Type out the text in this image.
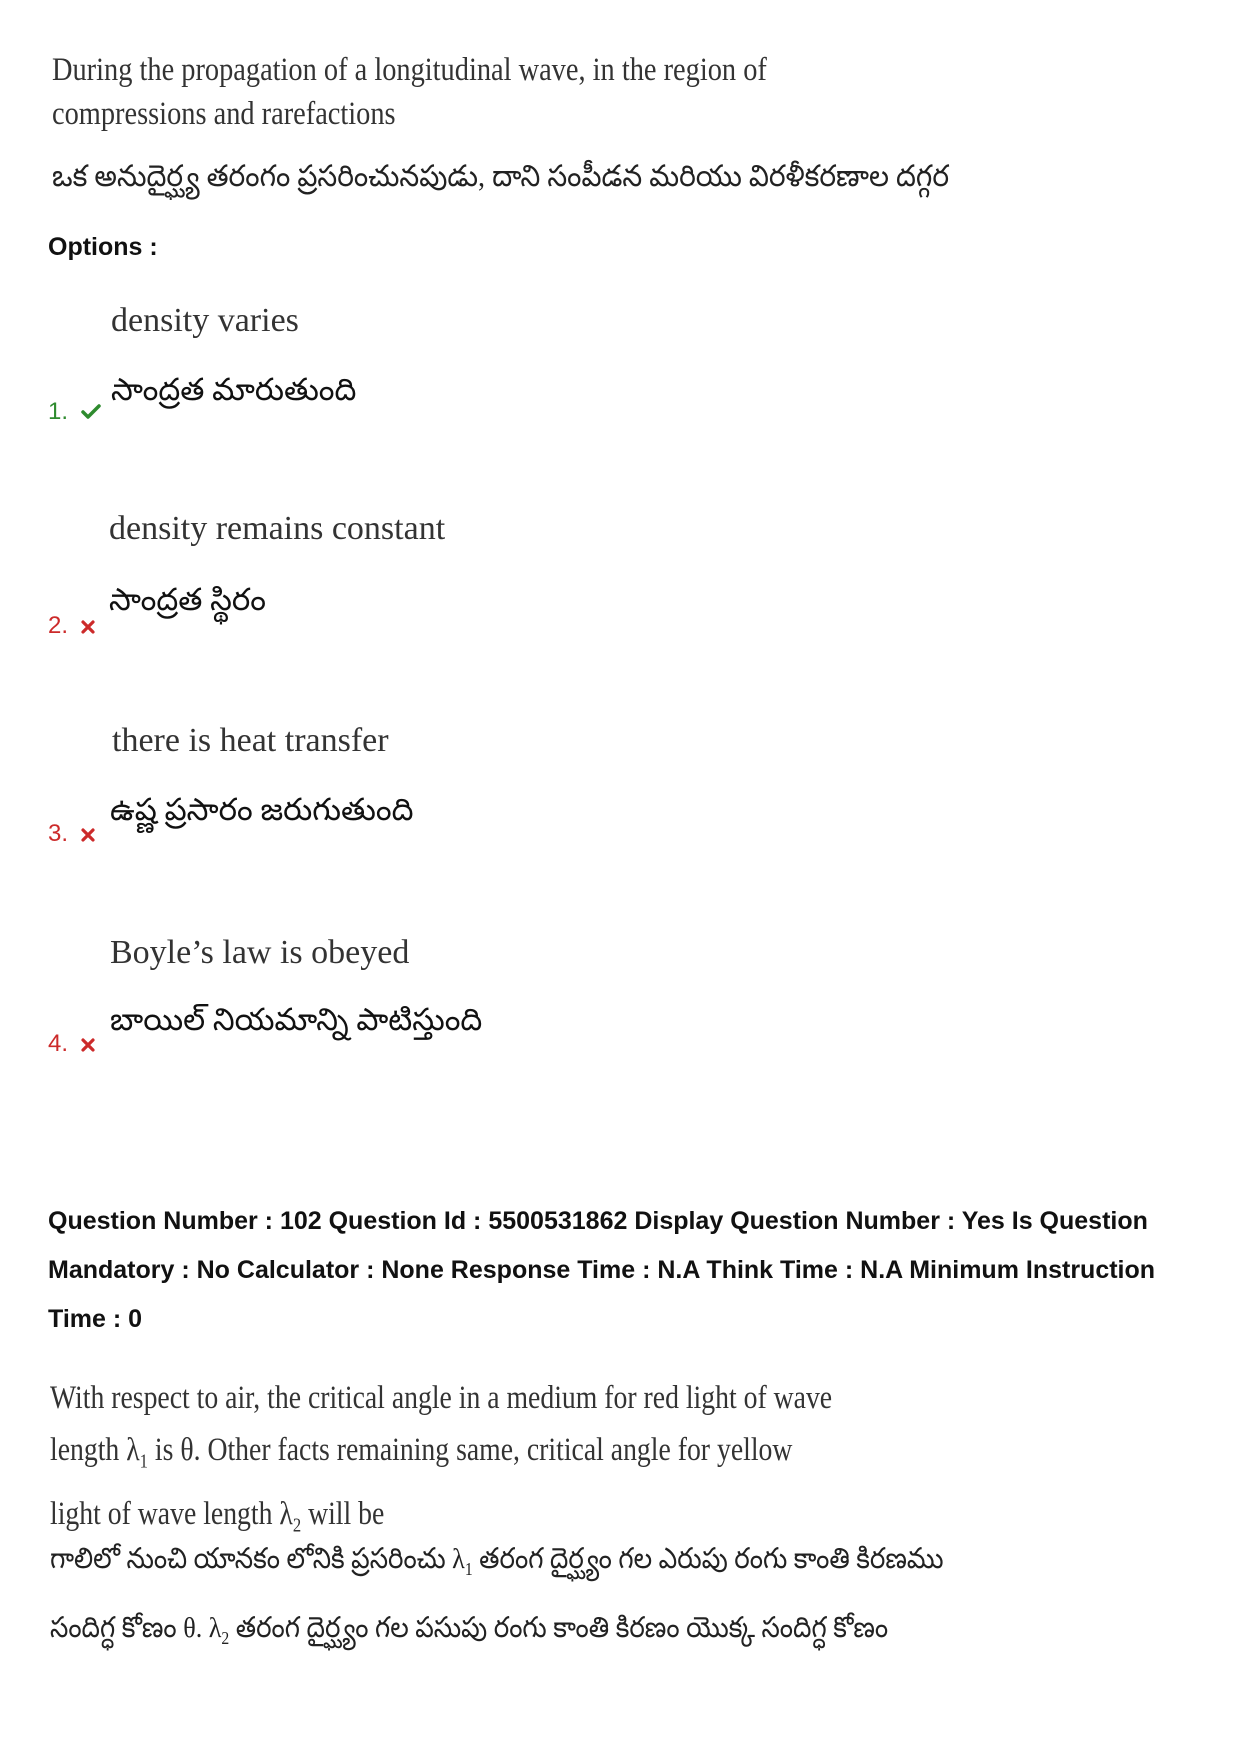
During the propagation of a longitudinal wave, in the region of compressions and rarefactions
ఒక అనుదైర్ఘ్య తరంగం ప్రసరించునపుడు, దాని సంపీడన మరియు విరళీకరణాల దగ్గర
Options :
density varies
సాంద్రత మారుతుంది
1.
density remains constant
సాంద్రత స్థిరం
2.
there is heat transfer
ఉష్ణ ప్రసారం జరుగుతుంది
3.
Boyle’s law is obeyed
బాయిల్ నియమాన్ని పాటిస్తుంది
4.
Question Number : 102 Question Id : 5500531862 Display Question Number : Yes Is Question Mandatory : No Calculator : None Response Time : N.A Think Time : N.A Minimum Instruction Time : 0
With respect to air, the critical angle in a medium for red light of wave length $\lambda_1$ is θ. Other facts remaining same, critical angle for yellow light of wave length $\lambda_2$ will be
గాలిలో నుంచి యానకం లోనికి ప్రసరించు $\lambda_1$ తరంగ దైర్ఘ్యం గల ఎరుపు రంగు కాంతి కిరణము
సందిగ్ధ కోణం θ. $\lambda_2$ తరంగ దైర్ఘ్యం గల పసుపు రంగు కాంతి కిరణం యొక్క సందిగ్ధ కోణం
